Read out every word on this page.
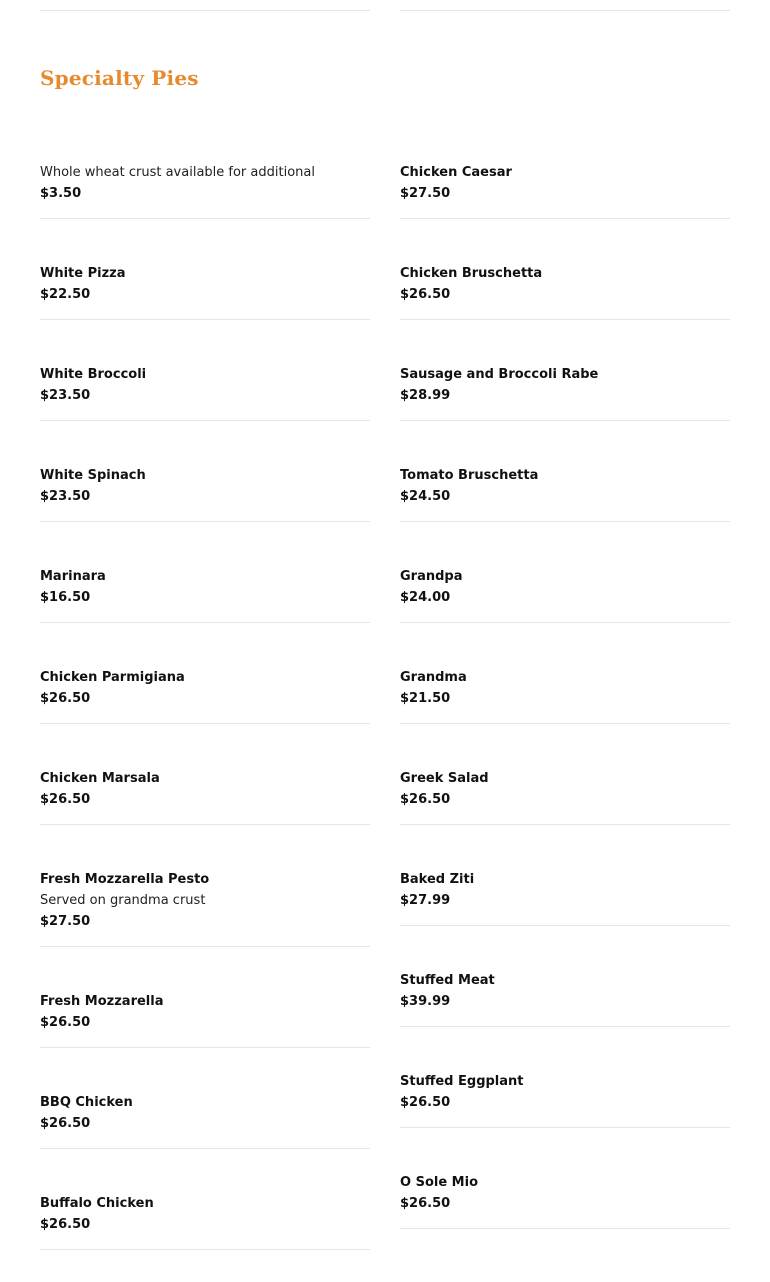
Specialty Pies
Whole wheat crust available for additional
$3.50
White Pizza
$22.50
White Broccoli
$23.50
White Spinach
$23.50
Marinara
$16.50
Chicken Parmigiana
$26.50
Chicken Marsala
$26.50
Fresh Mozzarella Pesto
Served on grandma crust
$27.50
Fresh Mozzarella
$26.50
BBQ Chicken
$26.50
Buffalo Chicken
$26.50
Chicken Caesar
$27.50
Chicken Bruschetta
$26.50
Sausage and Broccoli Rabe
$28.99
Tomato Bruschetta
$24.50
Grandpa
$24.00
Grandma
$21.50
Greek Salad
$26.50
Baked Ziti
$27.99
Stuffed Meat
$39.99
Stuffed Eggplant
$26.50
O Sole Mio
$26.50
